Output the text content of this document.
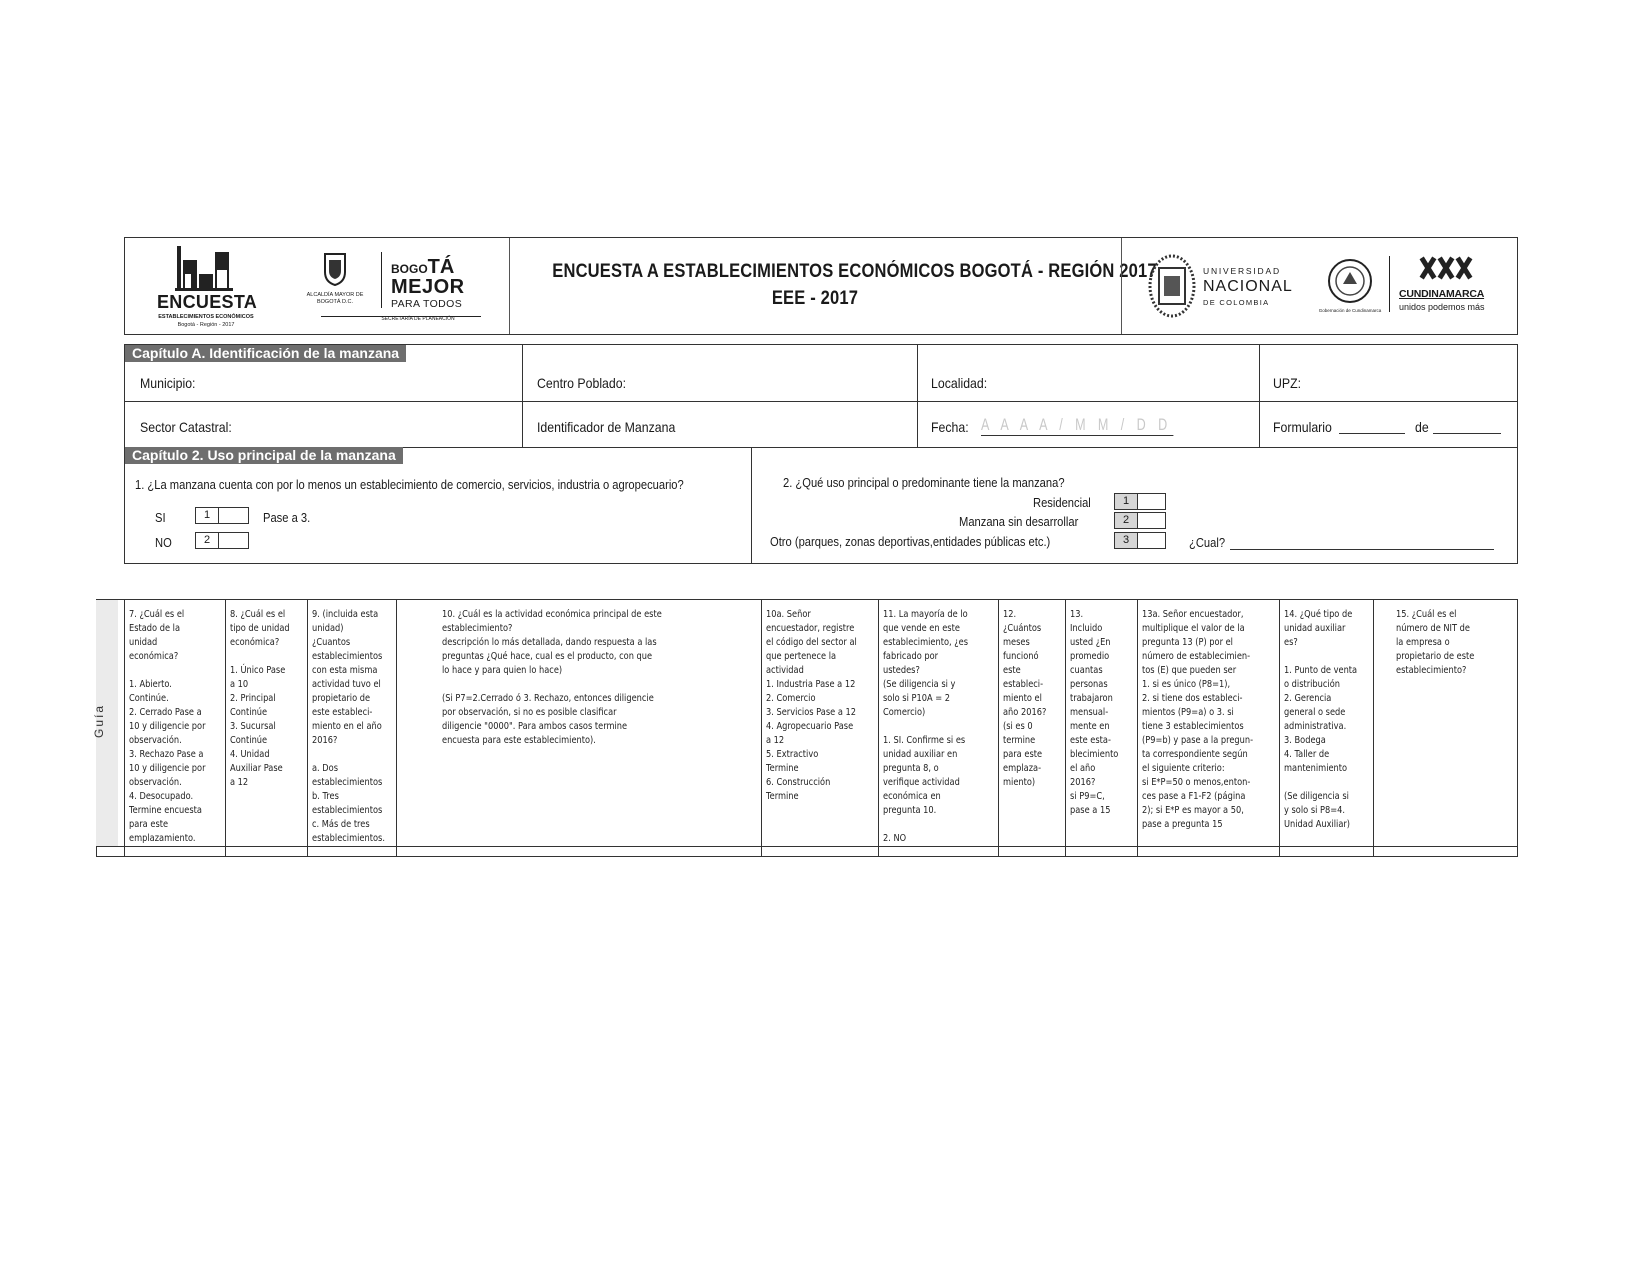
ENCUESTA
ESTABLECIMIENTOS ECONÓMICOS
Bogotá - Región - 2017
ALCALDÍA MAYOR DE BOGOTÁ D.C.
BOGOTÁ
MEJOR
PARA TODOS
SECRETARÍA DE PLANEACIÓN
ENCUESTA A ESTABLECIMIENTOS ECONÓMICOS BOGOTÁ - REGIÓN 2017
EEE - 2017
UNIVERSIDAD
NACIONAL
DE COLOMBIA
Gobernación de Cundinamarca
CUNDINAMARCA
unidos podemos más
Capítulo A. Identificación de la manzana
Municipio:	Centro Poblado:	Localidad:	UPZ:
Sector Catastral:	Identificador de Manzana	Fecha: A A A A / M M / D D	Formulario	de
Capítulo 2. Uso principal de la manzana
1. ¿La manzana cuenta con por lo menos un establecimiento de comercio, servicios, industria o agropecuario?
SI	1	Pase a 3.
NO	2
2. ¿Qué uso principal o predominante tiene la manzana?
Residencial	1
Manzana sin desarrollar	2
Otro (parques, zonas deportivas,entidades públicas etc.)	3	¿Cual?
7. ¿Cuál es el
Estado de la
unidad
económica?

1. Abierto.
Continúe.
2. Cerrado Pase a
10 y diligencie por
observación.
3. Rechazo Pase a
10 y diligencie por
observación.
4. Desocupado.
Termine encuesta
para este
emplazamiento.
8. ¿Cuál es el
tipo de unidad
económica?

1. Único Pase
a 10
2. Principal
Continúe
3. Sucursal
Continúe
4. Unidad
Auxiliar Pase
a 12
9. (incluida esta
unidad)
¿Cuantos
establecimientos
con esta misma
actividad tuvo el
propietario de
este estableci-
miento en el año
2016?

a. Dos
establecimientos
b. Tres
establecimientos
c. Más de tres
establecimientos.
10. ¿Cuál es la actividad económica principal de este
establecimiento?
descripción lo más detallada, dando respuesta a las
preguntas ¿Qué hace, cual es el producto, con que
lo hace y para quien lo hace)

(Si P7=2.Cerrado ó 3. Rechazo, entonces diligencie
por observación, si no es posible clasificar
diligencie "0000". Para ambos casos termine
encuesta para este establecimiento).
10a. Señor
encuestador, registre
el código del sector al
que pertenece la
actividad
1. Industria Pase a 12
2. Comercio
3. Servicios Pase a 12
4. Agropecuario Pase
a 12
5. Extractivo
Termine
6. Construcción
Termine
11. La mayoría de lo
que vende en este
establecimiento, ¿es
fabricado por
ustedes?
(Se diligencia si y
solo si P10A = 2
Comercio)

1. SI. Confirme si es
unidad auxiliar en
pregunta 8, o
verifique actividad
económica en
pregunta 10.

2. NO
12.
¿Cuántos
meses
funcionó
este
estableci-
miento el
año 2016?
(si es 0
termine
para este
emplaza-
miento)
13.
Incluido
usted ¿En
promedio
cuantas
personas
trabajaron
mensual-
mente en
este esta-
blecimiento
el año
2016?
si P9=C,
pase a 15
13a. Señor encuestador,
multiplique el valor de la
pregunta 13 (P) por el
número de establecimien-
tos (E) que pueden ser
1. si es único (P8=1),
2. si tiene dos estableci-
mientos (P9=a) o 3. si
tiene 3 establecimientos
(P9=b) y pase a la pregun-
ta correspondiente según
el siguiente criterio:
si E*P=50 o menos,enton-
ces pase a F1-F2 (página
2); si E*P es mayor a 50,
pase a pregunta 15
14. ¿Qué tipo de
unidad auxiliar
es?

1. Punto de venta
o distribución
2. Gerencia
general o sede
administrativa.
3. Bodega
4. Taller de
mantenimiento

(Se diligencia si
y solo si P8=4.
Unidad Auxiliar)
15. ¿Cuál es el
número de NIT de
la empresa o
propietario de este
establecimiento?
Guía
